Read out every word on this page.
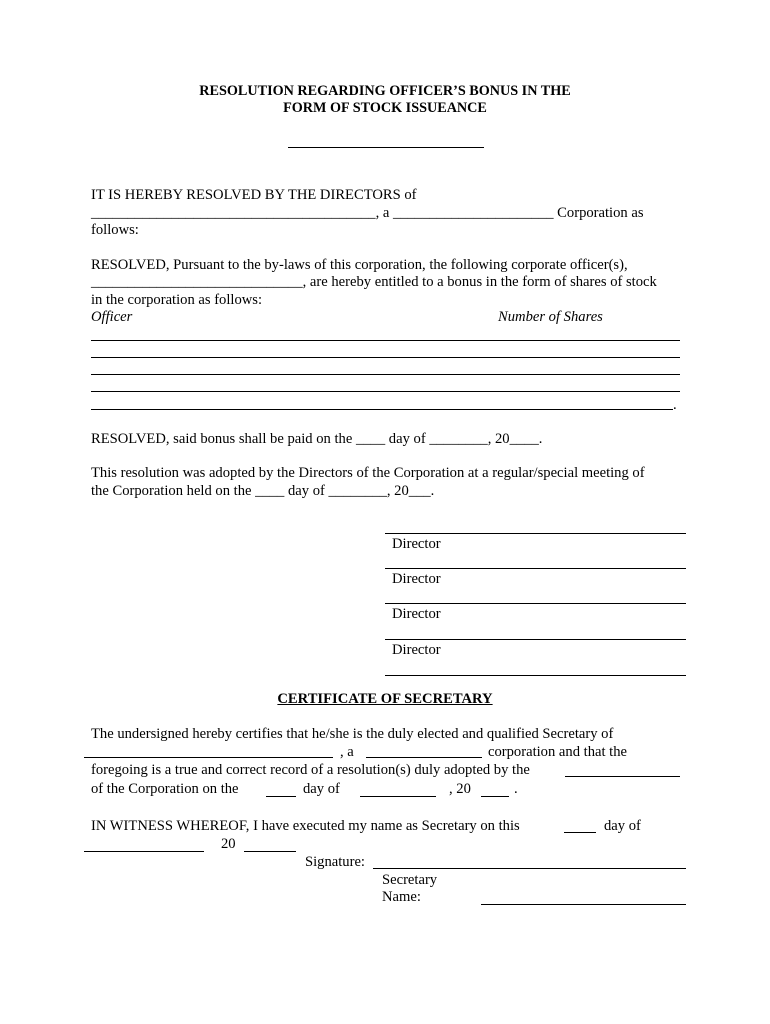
RESOLUTION REGARDING OFFICER’S BONUS IN THE
FORM OF STOCK ISSUEANCE
IT IS HEREBY RESOLVED BY THE DIRECTORS of
_______________________________________, a ______________________ Corporation as
follows:
RESOLVED, Pursuant to the by-laws of this corporation, the following corporate officer(s),
_____________________________, are hereby entitled to a bonus in the form of shares of stock
in the corporation as follows:
Officer	Number of Shares
.
RESOLVED, said bonus shall be paid on the ____ day of ________, 20____.
This resolution was adopted by the Directors of the Corporation at a regular/special meeting of
the Corporation held on the ____ day of ________, 20___.
Director
Director
Director
Director
CERTIFICATE OF SECRETARY
The undersigned hereby certifies that he/she is the duly elected and qualified Secretary of
, a	corporation and that the
foregoing is a true and correct record of a resolution(s) duly adopted by the
of the Corporation on the	day of	, 20	.
IN WITNESS WHEREOF, I have executed my name as Secretary on this	day of
20
Signature:
Secretary
Name:
